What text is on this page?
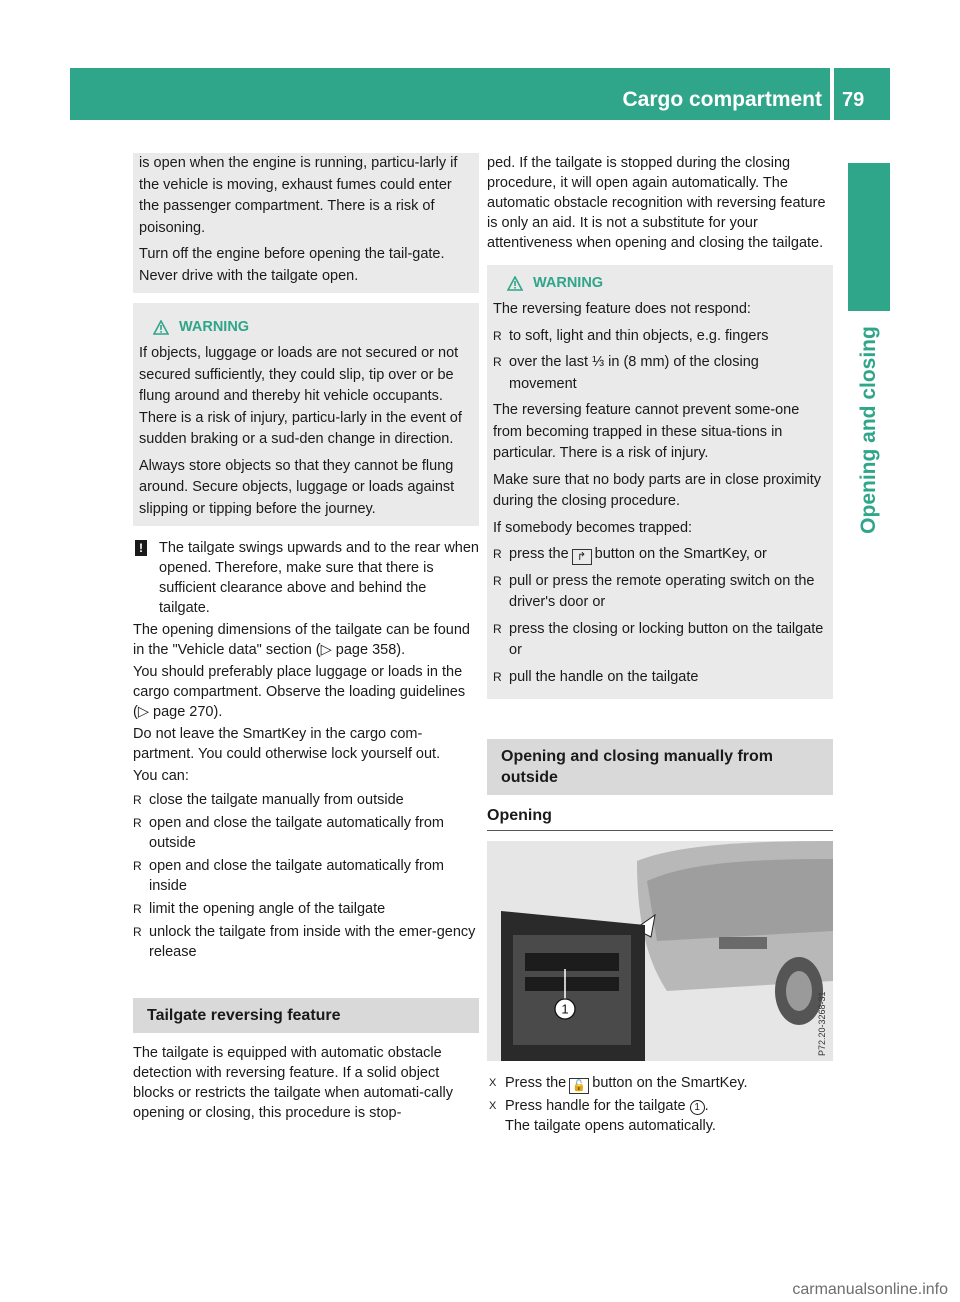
Cargo compartment 79
Opening and closing

is open when the engine is running, particu-larly if the vehicle is moving, exhaust fumes could enter the passenger compartment. There is a risk of poisoning.

Turn off the engine before opening the tail-gate. Never drive with the tailgate open.

WARNING

If objects, luggage or loads are not secured or not secured sufficiently, they could slip, tip over or be flung around and thereby hit vehicle occupants. There is a risk of injury, particu-larly in the event of sudden braking or a sud-den change in direction.

Always store objects so that they cannot be flung around. Secure objects, luggage or loads against slipping or tipping before the journey.

! The tailgate swings upwards and to the rear when opened. Therefore, make sure that there is sufficient clearance above and behind the tailgate.

The opening dimensions of the tailgate can be found in the "Vehicle data" section (▷ page 358).

You should preferably place luggage or loads in the cargo compartment. Observe the loading guidelines (▷ page 270).

Do not leave the SmartKey in the cargo com-partment. You could otherwise lock yourself out.

You can:

R close the tailgate manually from outside
R open and close the tailgate automatically from outside
R open and close the tailgate automatically from inside
R limit the opening angle of the tailgate
R unlock the tailgate from inside with the emer-gency release
Tailgate reversing feature

The tailgate is equipped with automatic obstacle detection with reversing feature. If a solid object blocks or restricts the tailgate when automati-cally opening or closing, this procedure is stop-

ped. If the tailgate is stopped during the closing procedure, it will open again automatically. The automatic obstacle recognition with reversing feature is only an aid. It is not a substitute for your attentiveness when opening and closing the tailgate.

WARNING

The reversing feature does not respond:

R to soft, light and thin objects, e.g. fingers
R over the last ⅓ in (8 mm) of the closing movement

The reversing feature cannot prevent some-one from becoming trapped in these situa-tions in particular. There is a risk of injury.

Make sure that no body parts are in close proximity during the closing procedure.

If somebody becomes trapped:

R press the ↱ button on the SmartKey, or
R pull or press the remote operating switch on the driver's door or
R press the closing or locking button on the tailgate or
R pull the handle on the tailgate
Opening and closing manually from outside
Opening
1	P72.20-3268-31
X Press the 🔓 button on the SmartKey.
X Press handle for the tailgate 1 .
The tailgate opens automatically.
carmanualsonline.info
